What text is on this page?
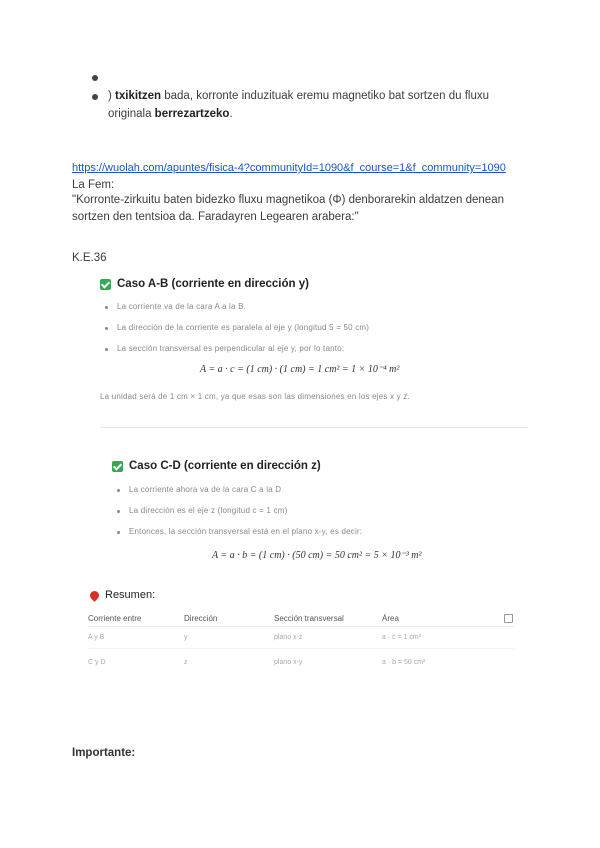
) txikitzen bada, korronte induzituak eremu magnetiko bat sortzen du fluxu
originala berrezartzeko.
https://wuolah.com/apuntes/fisica-4?communityId=1090&f_course=1&f_community=1090
La Fem:
"Korronte-zirkuitu baten bidezko fluxu magnetikoa (Φ) denborarekin aldatzen denean
sortzen den tentsioa da. Faradayren Legearen arabera:"
K.E.36
Caso A-B (corriente en dirección y)
La corriente va de la cara A a la B.
La dirección de la corriente es paralela al eje y (longitud 5 = 50 cm)
La sección transversal es perpendicular al eje y, por lo tanto:
A = a · c = (1 cm) · (1 cm) = 1 cm² = 1 × 10⁻⁴ m²
La unidad será de 1 cm × 1 cm, ya que esas son las dimensiones en los ejes x y z.
Caso C-D (corriente en dirección z)
La corriente ahora va de la cara C a la D
La dirección es el eje z (longitud c = 1 cm)
Entonces, la sección transversal está en el plano x-y, es decir:
A = a · b = (1 cm) · (50 cm) = 50 cm² = 5 × 10⁻³ m²
Resumen:
Corriente entre	Dirección	Sección transversal	Área
A y B	y	plano x-z	a · c = 1 cm²
C y D	z	plano x-y	a · b = 50 cm²
Importante:
